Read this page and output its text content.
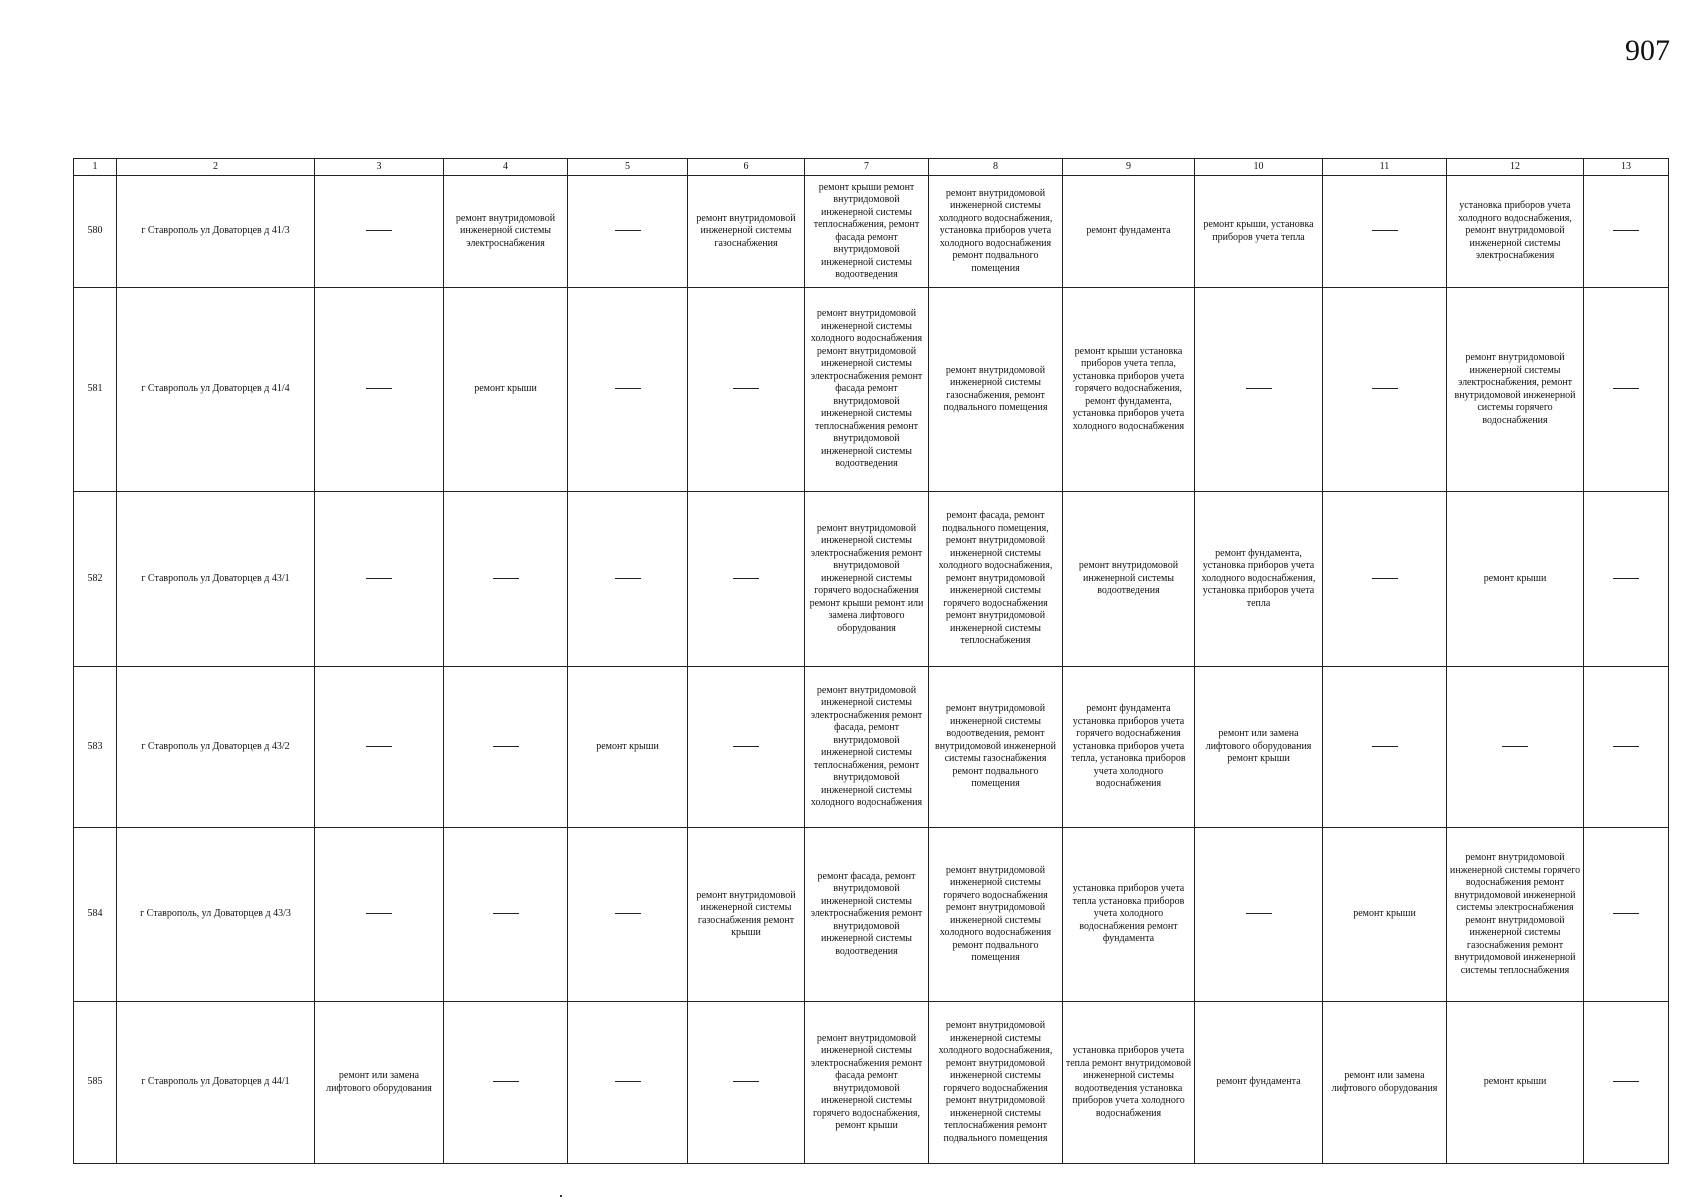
907
1	2	3	4	5	6	7	8	9	10	11	12	13
580	г Ставрополь ул Доваторцев д 41/3		ремонт внутридомовой инженерной системы электроснабжения		ремонт внутридомовой инженерной системы газоснабжения	ремонт крыши ремонт внутридомовой инженерной системы теплоснабжения, ремонт фасада ремонт внутридомовой инженерной системы водоотведения	ремонт внутридомовой инженерной системы холодного водоснабжения, установка приборов учета холодного водоснабжения ремонт подвального помещения	ремонт фундамента	ремонт крыши, установка приборов учета тепла		установка приборов учета холодного водоснабжения, ремонт внутридомовой инженерной системы электроснабжения	
581	г Ставрополь ул Доваторцев д 41/4		ремонт крыши			ремонт внутридомовой инженерной системы холодного водоснабжения ремонт внутридомовой инженерной системы электроснабжения ремонт фасада ремонт внутридомовой инженерной системы теплоснабжения ремонт внутридомовой инженерной системы водоотведения	ремонт внутридомовой инженерной системы газоснабжения, ремонт подвального помещения	ремонт крыши установка приборов учета тепла, установка приборов учета горячего водоснабжения, ремонт фундамента, установка приборов учета холодного водоснабжения			ремонт внутридомовой инженерной системы электроснабжения, ремонт внутридомовой инженерной системы горячего водоснабжения	
582	г Ставрополь ул Доваторцев д 43/1					ремонт внутридомовой инженерной системы электроснабжения ремонт внутридомовой инженерной системы горячего водоснабжения ремонт крыши ремонт или замена лифтового оборудования	ремонт фасада, ремонт подвального помещения, ремонт внутридомовой инженерной системы холодного водоснабжения, ремонт внутридомовой инженерной системы горячего водоснабжения ремонт внутридомовой инженерной системы теплоснабжения	ремонт внутридомовой инженерной системы водоотведения	ремонт фундамента, установка приборов учета холодного водоснабжения, установка приборов учета тепла		ремонт крыши	
583	г Ставрополь ул Доваторцев д 43/2			ремонт крыши		ремонт внутридомовой инженерной системы электроснабжения ремонт фасада, ремонт внутридомовой инженерной системы теплоснабжения, ремонт внутридомовой инженерной системы холодного водоснабжения	ремонт внутридомовой инженерной системы водоотведения, ремонт внутридомовой инженерной системы газоснабжения ремонт подвального помещения	ремонт фундамента установка приборов учета горячего водоснабжения установка приборов учета тепла, установка приборов учета холодного водоснабжения	ремонт или замена лифтового оборудования ремонт крыши			
584	г Ставрополь, ул Доваторцев д 43/3				ремонт внутридомовой инженерной системы газоснабжения ремонт крыши	ремонт фасада, ремонт внутридомовой инженерной системы электроснабжения ремонт внутридомовой инженерной системы водоотведения	ремонт внутридомовой инженерной системы горячего водоснабжения ремонт внутридомовой инженерной системы холодного водоснабжения ремонт подвального помещения	установка приборов учета тепла установка приборов учета холодного водоснабжения ремонт фундамента		ремонт крыши	ремонт внутридомовой инженерной системы горячего водоснабжения ремонт внутридомовой инженерной системы электроснабжения ремонт внутридомовой инженерной системы газоснабжения ремонт внутридомовой инженерной системы теплоснабжения	
585	г Ставрополь ул Доваторцев д 44/1	ремонт или замена лифтового оборудования				ремонт внутридомовой инженерной системы электроснабжения ремонт фасада ремонт внутридомовой инженерной системы горячего водоснабжения, ремонт крыши	ремонт внутридомовой инженерной системы холодного водоснабжения, ремонт внутридомовой инженерной системы горячего водоснабжения ремонт внутридомовой инженерной системы теплоснабжения ремонт подвального помещения	установка приборов учета тепла ремонт внутридомовой инженерной системы водоотведения установка приборов учета холодного водоснабжения	ремонт фундамента	ремонт или замена лифтового оборудования	ремонт крыши	
